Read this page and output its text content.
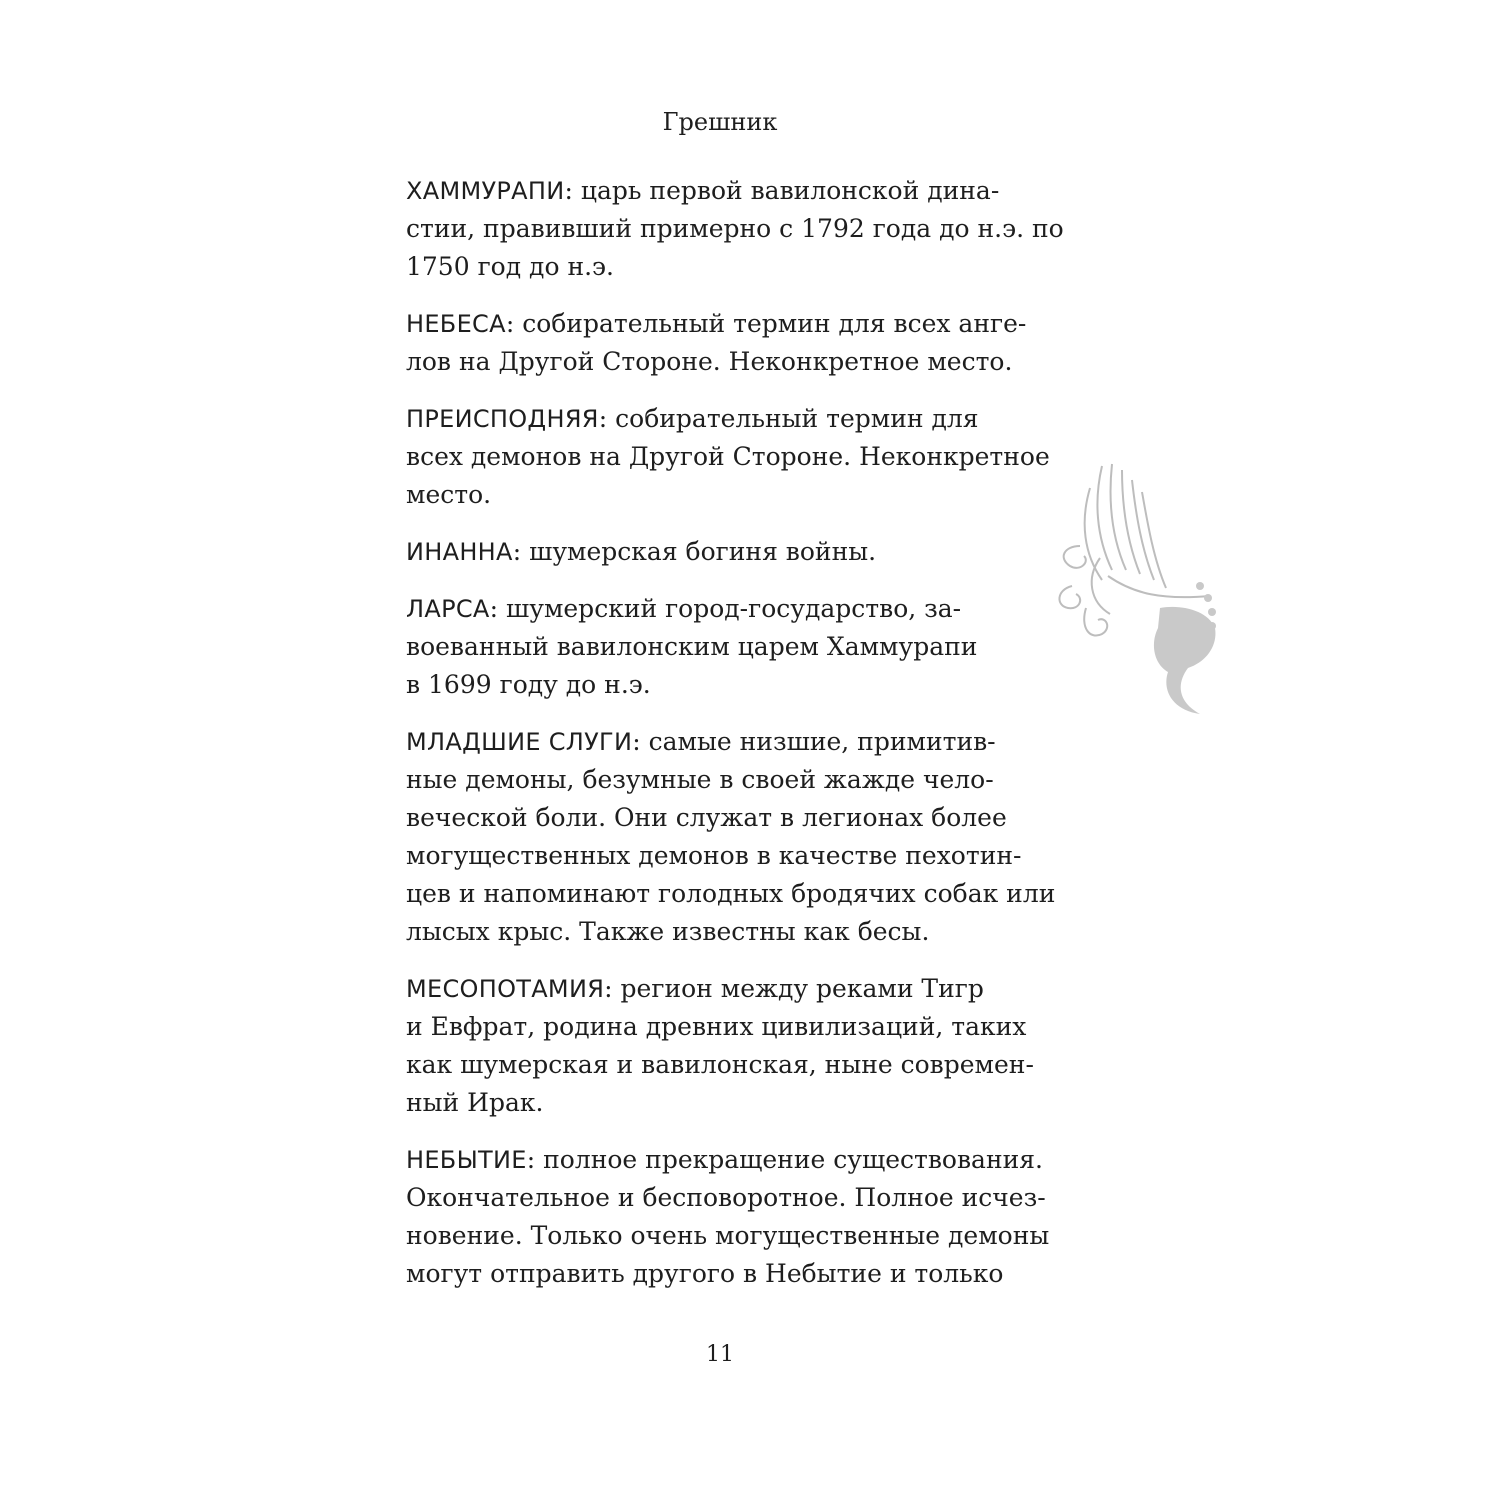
Грешник
ХАММУРАПИ: царь первой вавилонской дина-
стии, правивший примерно с 1792 года до н.э. по
1750 год до н.э.
НЕБЕСА: собирательный термин для всех анге-
лов на Другой Стороне. Неконкретное место.
ПРЕИСПОДНЯЯ: собирательный термин для
всех демонов на Другой Стороне. Неконкретное
место.
ИНАННА: шумерская богиня войны.
ЛАРСА: шумерский город-государство, за-
воеванный вавилонским царем Хаммурапи
в 1699 году до н.э.
МЛАДШИЕ СЛУГИ: самые низшие, примитив-
ные демоны, безумные в своей жажде чело-
веческой боли. Они служат в легионах более
могущественных демонов в качестве пехотин-
цев и напоминают голодных бродячих собак или
лысых крыс. Также известны как бесы.
МЕСОПОТАМИЯ: регион между реками Тигр
и Евфрат, родина древних цивилизаций, таких
как шумерская и вавилонская, ныне современ-
ный Ирак.
НЕБЫТИЕ: полное прекращение существования.
Окончательное и бесповоротное. Полное исчез-
новение. Только очень могущественные демоны
могут отправить другого в Небытие и только
11
